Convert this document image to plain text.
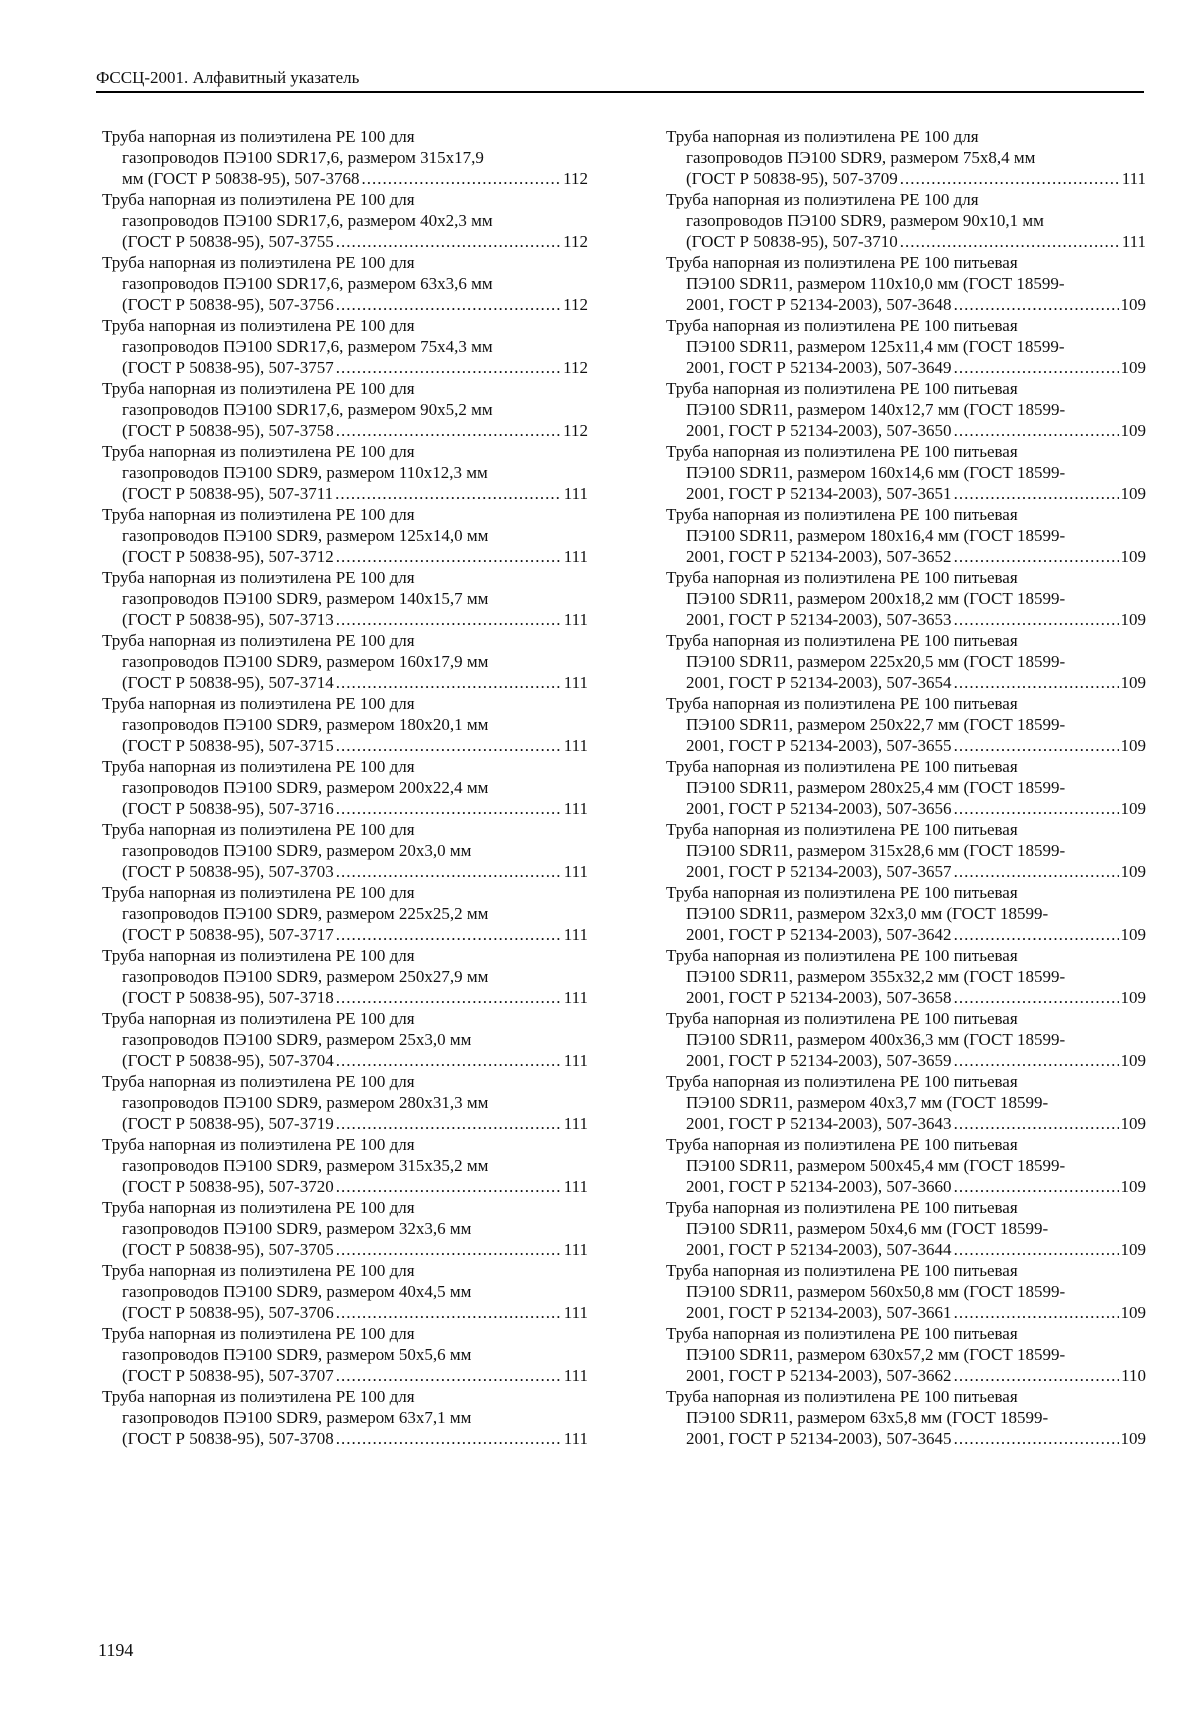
ФССЦ-2001. Алфавитный указатель
Труба напорная из полиэтилена PE 100 для
газопроводов ПЭ100 SDR17,6, размером 315х17,9
мм (ГОСТ Р 50838-95), 507-3768 .....	112
Труба напорная из полиэтилена PE 100 для
газопроводов ПЭ100 SDR17,6, размером 40х2,3 мм
(ГОСТ Р 50838-95), 507-3755 .....	112
Труба напорная из полиэтилена PE 100 для
газопроводов ПЭ100 SDR17,6, размером 63х3,6 мм
(ГОСТ Р 50838-95), 507-3756 .....	112
Труба напорная из полиэтилена PE 100 для
газопроводов ПЭ100 SDR17,6, размером 75х4,3 мм
(ГОСТ Р 50838-95), 507-3757 .....	112
Труба напорная из полиэтилена PE 100 для
газопроводов ПЭ100 SDR17,6, размером 90х5,2 мм
(ГОСТ Р 50838-95), 507-3758 .....	112
Труба напорная из полиэтилена PE 100 для
газопроводов ПЭ100 SDR9, размером 110х12,3 мм
(ГОСТ Р 50838-95), 507-3711 .....	111
Труба напорная из полиэтилена PE 100 для
газопроводов ПЭ100 SDR9, размером 125х14,0 мм
(ГОСТ Р 50838-95), 507-3712 .....	111
Труба напорная из полиэтилена PE 100 для
газопроводов ПЭ100 SDR9, размером 140х15,7 мм
(ГОСТ Р 50838-95), 507-3713 .....	111
Труба напорная из полиэтилена PE 100 для
газопроводов ПЭ100 SDR9, размером 160х17,9 мм
(ГОСТ Р 50838-95), 507-3714 .....	111
Труба напорная из полиэтилена PE 100 для
газопроводов ПЭ100 SDR9, размером 180х20,1 мм
(ГОСТ Р 50838-95), 507-3715 .....	111
Труба напорная из полиэтилена PE 100 для
газопроводов ПЭ100 SDR9, размером 200х22,4 мм
(ГОСТ Р 50838-95), 507-3716 .....	111
Труба напорная из полиэтилена PE 100 для
газопроводов ПЭ100 SDR9, размером 20х3,0 мм
(ГОСТ Р 50838-95), 507-3703 .....	111
Труба напорная из полиэтилена PE 100 для
газопроводов ПЭ100 SDR9, размером 225х25,2 мм
(ГОСТ Р 50838-95), 507-3717 .....	111
Труба напорная из полиэтилена PE 100 для
газопроводов ПЭ100 SDR9, размером 250х27,9 мм
(ГОСТ Р 50838-95), 507-3718 .....	111
Труба напорная из полиэтилена PE 100 для
газопроводов ПЭ100 SDR9, размером 25х3,0 мм
(ГОСТ Р 50838-95), 507-3704 .....	111
Труба напорная из полиэтилена PE 100 для
газопроводов ПЭ100 SDR9, размером 280х31,3 мм
(ГОСТ Р 50838-95), 507-3719 .....	111
Труба напорная из полиэтилена PE 100 для
газопроводов ПЭ100 SDR9, размером 315х35,2 мм
(ГОСТ Р 50838-95), 507-3720 .....	111
Труба напорная из полиэтилена PE 100 для
газопроводов ПЭ100 SDR9, размером 32х3,6 мм
(ГОСТ Р 50838-95), 507-3705 .....	111
Труба напорная из полиэтилена PE 100 для
газопроводов ПЭ100 SDR9, размером 40х4,5 мм
(ГОСТ Р 50838-95), 507-3706 .....	111
Труба напорная из полиэтилена PE 100 для
газопроводов ПЭ100 SDR9, размером 50х5,6 мм
(ГОСТ Р 50838-95), 507-3707 .....	111
Труба напорная из полиэтилена PE 100 для
газопроводов ПЭ100 SDR9, размером 63х7,1 мм
(ГОСТ Р 50838-95), 507-3708 .....	111
Труба напорная из полиэтилена PE 100 для
газопроводов ПЭ100 SDR9, размером 75х8,4 мм
(ГОСТ Р 50838-95), 507-3709 .....	111
Труба напорная из полиэтилена PE 100 для
газопроводов ПЭ100 SDR9, размером 90х10,1 мм
(ГОСТ Р 50838-95), 507-3710 .....	111
Труба напорная из полиэтилена PE 100 питьевая
ПЭ100 SDR11, размером 110х10,0 мм (ГОСТ 18599-
2001, ГОСТ Р 52134-2003), 507-3648 .....	109
Труба напорная из полиэтилена PE 100 питьевая
ПЭ100 SDR11, размером 125х11,4 мм (ГОСТ 18599-
2001, ГОСТ Р 52134-2003), 507-3649 .....	109
Труба напорная из полиэтилена PE 100 питьевая
ПЭ100 SDR11, размером 140х12,7 мм (ГОСТ 18599-
2001, ГОСТ Р 52134-2003), 507-3650 .....	109
Труба напорная из полиэтилена PE 100 питьевая
ПЭ100 SDR11, размером 160х14,6 мм (ГОСТ 18599-
2001, ГОСТ Р 52134-2003), 507-3651 .....	109
Труба напорная из полиэтилена PE 100 питьевая
ПЭ100 SDR11, размером 180х16,4 мм (ГОСТ 18599-
2001, ГОСТ Р 52134-2003), 507-3652 .....	109
Труба напорная из полиэтилена PE 100 питьевая
ПЭ100 SDR11, размером 200х18,2 мм (ГОСТ 18599-
2001, ГОСТ Р 52134-2003), 507-3653 .....	109
Труба напорная из полиэтилена PE 100 питьевая
ПЭ100 SDR11, размером 225х20,5 мм (ГОСТ 18599-
2001, ГОСТ Р 52134-2003), 507-3654 .....	109
Труба напорная из полиэтилена PE 100 питьевая
ПЭ100 SDR11, размером 250х22,7 мм (ГОСТ 18599-
2001, ГОСТ Р 52134-2003), 507-3655 .....	109
Труба напорная из полиэтилена PE 100 питьевая
ПЭ100 SDR11, размером 280х25,4 мм (ГОСТ 18599-
2001, ГОСТ Р 52134-2003), 507-3656 .....	109
Труба напорная из полиэтилена PE 100 питьевая
ПЭ100 SDR11, размером 315х28,6 мм (ГОСТ 18599-
2001, ГОСТ Р 52134-2003), 507-3657 .....	109
Труба напорная из полиэтилена PE 100 питьевая
ПЭ100 SDR11, размером 32х3,0 мм (ГОСТ 18599-
2001, ГОСТ Р 52134-2003), 507-3642 .....	109
Труба напорная из полиэтилена PE 100 питьевая
ПЭ100 SDR11, размером 355х32,2 мм (ГОСТ 18599-
2001, ГОСТ Р 52134-2003), 507-3658 .....	109
Труба напорная из полиэтилена PE 100 питьевая
ПЭ100 SDR11, размером 400х36,3 мм (ГОСТ 18599-
2001, ГОСТ Р 52134-2003), 507-3659 .....	109
Труба напорная из полиэтилена PE 100 питьевая
ПЭ100 SDR11, размером 40х3,7 мм (ГОСТ 18599-
2001, ГОСТ Р 52134-2003), 507-3643 .....	109
Труба напорная из полиэтилена PE 100 питьевая
ПЭ100 SDR11, размером 500х45,4 мм (ГОСТ 18599-
2001, ГОСТ Р 52134-2003), 507-3660 .....	109
Труба напорная из полиэтилена PE 100 питьевая
ПЭ100 SDR11, размером 50х4,6 мм (ГОСТ 18599-
2001, ГОСТ Р 52134-2003), 507-3644 .....	109
Труба напорная из полиэтилена PE 100 питьевая
ПЭ100 SDR11, размером 560х50,8 мм (ГОСТ 18599-
2001, ГОСТ Р 52134-2003), 507-3661 .....	109
Труба напорная из полиэтилена PE 100 питьевая
ПЭ100 SDR11, размером 630х57,2 мм (ГОСТ 18599-
2001, ГОСТ Р 52134-2003), 507-3662 .....	110
Труба напорная из полиэтилена PE 100 питьевая
ПЭ100 SDR11, размером 63х5,8 мм (ГОСТ 18599-
2001, ГОСТ Р 52134-2003), 507-3645 .....	109
1194
